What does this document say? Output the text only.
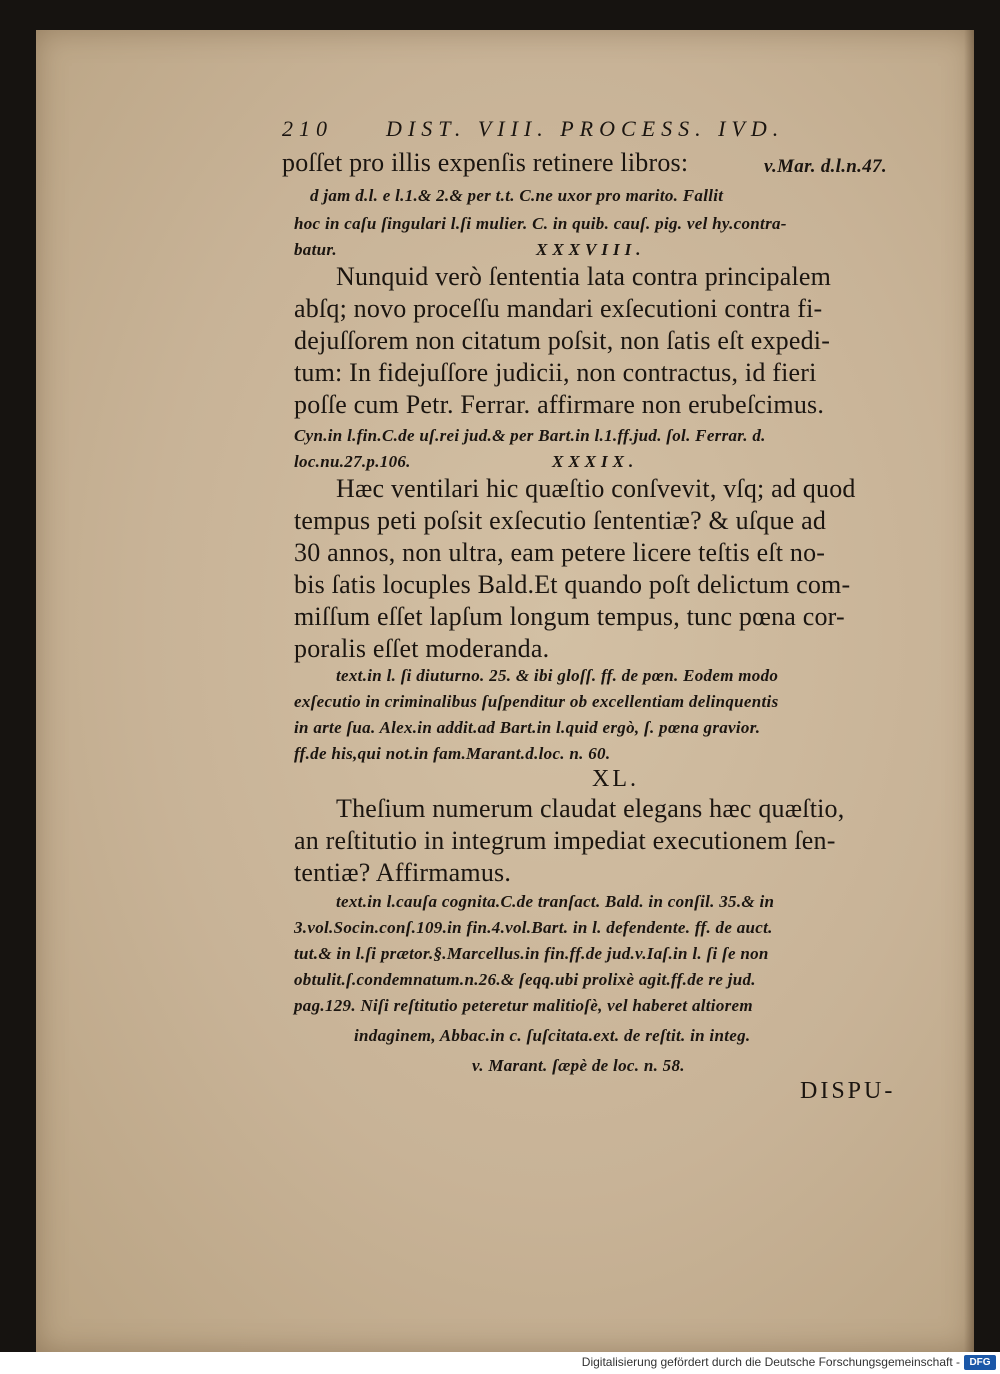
210 DIST. VIII. PROCESS. IVD.
poſſet pro illis expenſis retinere libros:	v.Mar. d.l.n.47.
d jam d.l. e l.1.& 2.& per t.t. C.ne uxor pro marito. Fallit
hoc in caſu ſingulari l.ſi mulier. C. in quib. cauſ. pig. vel hy.contra-
batur.	XXXVIII.
Nunquid verò ſententia lata contra principalem
abſq; novo proceſſu mandari exſecutioni contra fi-
dejuſſorem non citatum poſsit, non ſatis eſt expedi-
tum: In fidejuſſore judicii, non contractus, id fieri
poſſe cum Petr. Ferrar. affirmare non erubeſcimus.
Cyn.in l.fin.C.de uſ.rei jud.& per Bart.in l.1.ff.jud. ſol. Ferrar. d.
loc.nu.27.p.106.	XXXIX.
Hæc ventilari hic quæſtio conſvevit, vſq; ad quod
tempus peti poſsit exſecutio ſententiæ? & uſque ad
30 annos, non ultra, eam petere licere teſtis eſt no-
bis ſatis locuples Bald.Et quando poſt delictum com-
miſſum eſſet lapſum longum tempus, tunc pœna cor-
poralis eſſet moderanda.
text.in l. ſi diuturno. 25. & ibi gloſſ. ff. de pœn. Eodem modo
exſecutio in criminalibus ſuſpenditur ob excellentiam delinquentis
in arte ſua. Alex.in addit.ad Bart.in l.quid ergò, ſ. pœna gravior.
ff.de his,qui not.in fam.Marant.d.loc. n. 60.
XL.
Theſium numerum claudat elegans hæc quæſtio,
an reſtitutio in integrum impediat executionem ſen-
tentiæ? Affirmamus.
text.in l.cauſa cognita.C.de tranſact. Bald. in conſil. 35.& in
3.vol.Socin.conſ.109.in fin.4.vol.Bart. in l. defendente. ff. de auct.
tut.& in l.ſi prætor.§.Marcellus.in fin.ff.de jud.v.Iaſ.in l. ſi ſe non
obtulit.ſ.condemnatum.n.26.& ſeqq.ubi prolixè agit.ff.de re jud.
pag.129. Niſi reſtitutio peteretur malitioſè, vel haberet altiorem
indaginem, Abbac.in c. ſuſcitata.ext. de reſtit. in integ.
v. Marant. ſæpè de loc. n. 58.
DISPU-
Digitalisierung gefördert durch die Deutsche Forschungsgemeinschaft - DFG
